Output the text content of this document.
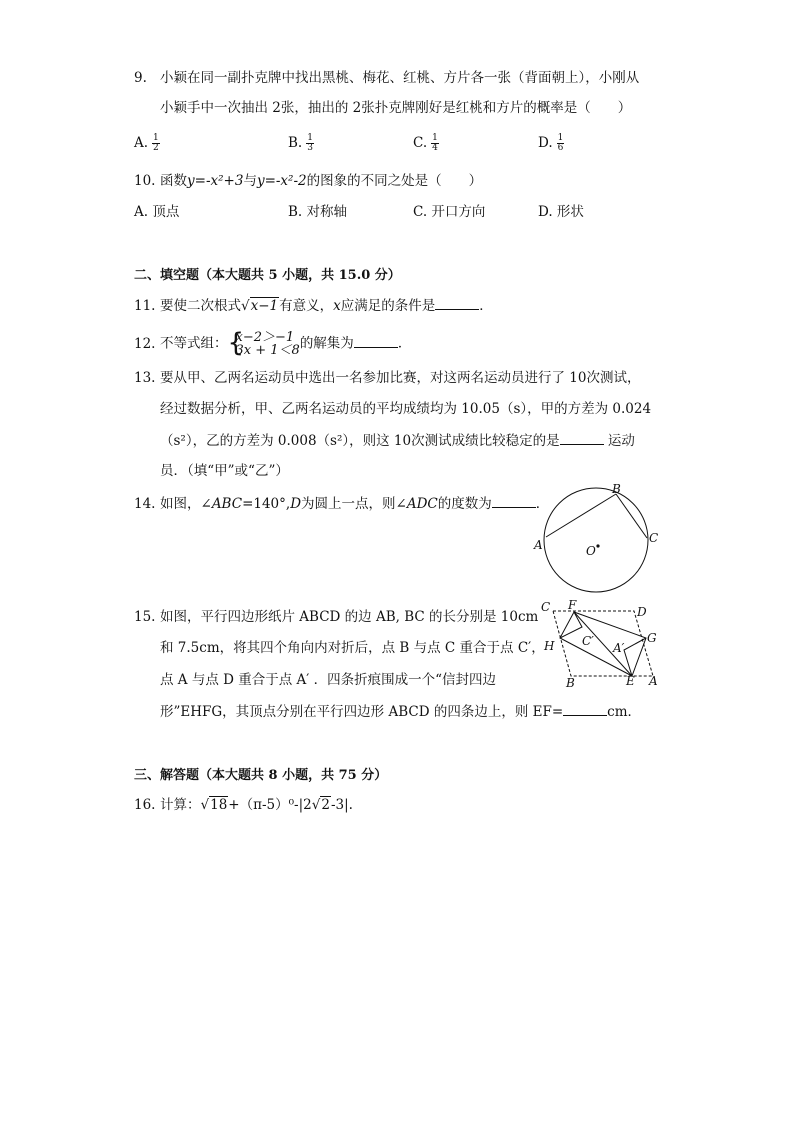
9. 小颖在同一副扑克牌中找出黑桃、梅花、红桃、方片各一张（背面朝上），小刚从
小颖手中一次抽出 2张，抽出的 2张扑克牌刚好是红桃和方片的概率是（　　）
A. $\frac{1}{2}$	B. $\frac{1}{3}$	C. $\frac{1}{4}$	D. $\frac{1}{6}$
10. 函数y=-x²+3与y=-x²-2的图象的不同之处是（　　）
A. 顶点	B. 对称轴	C. 开口方向	D. 形状
二、填空题（本大题共 5 小题，共 15.0 分）
11. 要使二次根式√x−1有意义，x应满足的条件是	．
12. 不等式组： {
x−2＞−1
3x + 1＜8 的解集为	．
13. 要从甲、乙两名运动员中选出一名参加比赛，对这两名运动员进行了 10次测试，
经过数据分析，甲、乙两名运动员的平均成绩均为 10.05（s），甲的方差为 0.024
（s²），乙的方差为 0.008（s²），则这 10次测试成绩比较稳定的是	运动
员．（填“甲”或“乙”）
14. 如图，∠ABC=140°,D为圆上一点，则∠ADC的度数为	．
A
B
C
O
15. 如图，平行四边形纸片 ABCD 的边 AB, BC 的长分别是 10cm
和 7.5cm，将其四个角向内对折后，点 B 与点 C 重合于点 C′，
点 A 与点 D 重合于点 A′ ．四条折痕围成一个“信封四边
形”EHFG，其顶点分别在平行四边形 ABCD 的四条边上，则 EF=	cm．
C F	D
H C′ A′
G
B	E A
三、解答题（本大题共 8 小题，共 75 分）
16. 计算：√18+（π-5）⁰-|2√2-3|.
